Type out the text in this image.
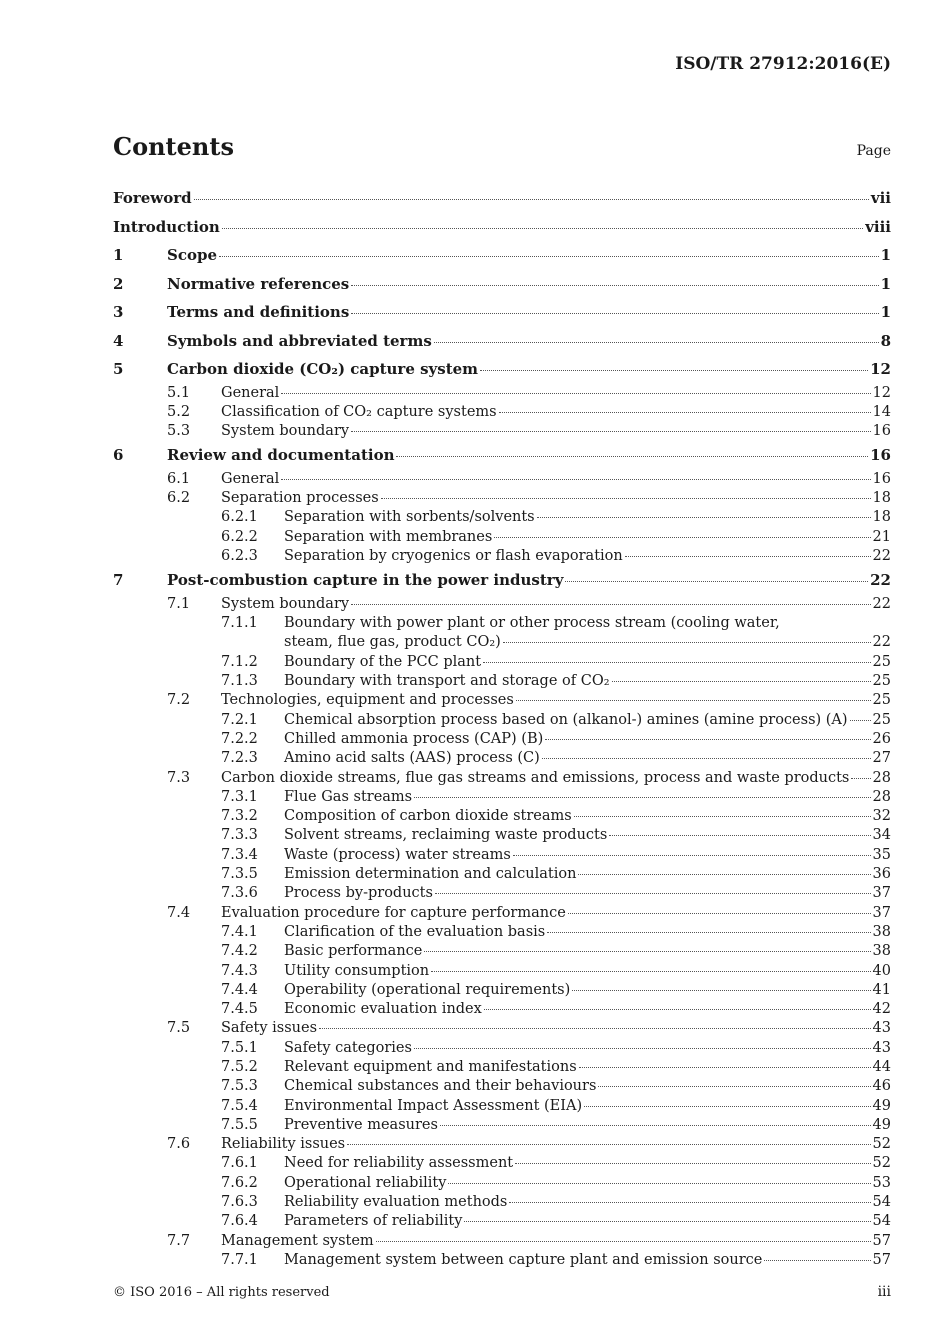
ISO/TR 27912:2016(E)
Contents	Page
Foreword	vii
Introduction	viii
1	Scope	1
2	Normative references	1
3	Terms and definitions	1
4	Symbols and abbreviated terms	8
5	Carbon dioxide (CO₂) capture system	12
5.1	General	12
5.2	Classification of CO₂ capture systems	14
5.3	System boundary	16
6	Review and documentation	16
6.1	General	16
6.2	Separation processes	18
6.2.1	Separation with sorbents/solvents	18
6.2.2	Separation with membranes	21
6.2.3	Separation by cryogenics or flash evaporation	22
7	Post-combustion capture in the power industry	22
7.1	System boundary	22
7.1.1	Boundary with power plant or other process stream (cooling water,
steam, flue gas, product CO₂)	22
7.1.2	Boundary of the PCC plant	25
7.1.3	Boundary with transport and storage of CO₂	25
7.2	Technologies, equipment and processes	25
7.2.1	Chemical absorption process based on (alkanol-) amines (amine process) (A) 25
7.2.2	Chilled ammonia process (CAP) (B)	26
7.2.3	Amino acid salts (AAS) process (C)	27
7.3	Carbon dioxide streams, flue gas streams and emissions, process and waste products 28
7.3.1	Flue Gas streams	28
7.3.2	Composition of carbon dioxide streams	32
7.3.3	Solvent streams, reclaiming waste products	34
7.3.4	Waste (process) water streams	35
7.3.5	Emission determination and calculation	36
7.3.6	Process by-products	37
7.4	Evaluation procedure for capture performance	37
7.4.1	Clarification of the evaluation basis	38
7.4.2	Basic performance	38
7.4.3	Utility consumption	40
7.4.4	Operability (operational requirements)	41
7.4.5	Economic evaluation index	42
7.5	Safety issues	43
7.5.1	Safety categories	43
7.5.2	Relevant equipment and manifestations	44
7.5.3	Chemical substances and their behaviours	46
7.5.4	Environmental Impact Assessment (EIA)	49
7.5.5	Preventive measures	49
7.6	Reliability issues	52
7.6.1	Need for reliability assessment	52
7.6.2	Operational reliability	53
7.6.3	Reliability evaluation methods	54
7.6.4	Parameters of reliability	54
7.7	Management system	57
7.7.1	Management system between capture plant and emission source	57
© ISO 2016 – All rights reserved	iii
